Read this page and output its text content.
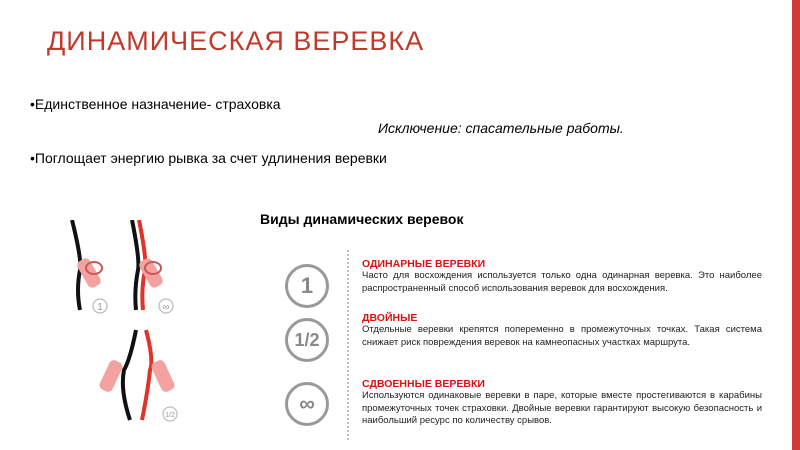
ДИНАМИЧЕСКАЯ ВЕРЕВКА
•Единственное назначение- страховка
Исключение: спасательные работы.
•Поглощает энергию рывка за счет удлинения веревки
Виды динамических веревок
1	∞
1/2
1
1/2
∞
ОДИНАРНЫЕ ВЕРЕВКИ
Часто для восхождения используется только одна одинарная веревка. Это наиболее распространенный способ использования веревок для восхождения.
ДВОЙНЫЕ
Отдельные веревки крепятся попеременно в промежуточных точках. Такая система снижает риск повреждения веревок на камнеопасных участках маршрута.
СДВОЕННЫЕ ВЕРЕВКИ
Используются одинаковые веревки в паре, которые вместе простегиваются в карабины промежуточных точек страховки. Двойные веревки гарантируют высокую безопасность и наибольший ресурс по количеству срывов.
